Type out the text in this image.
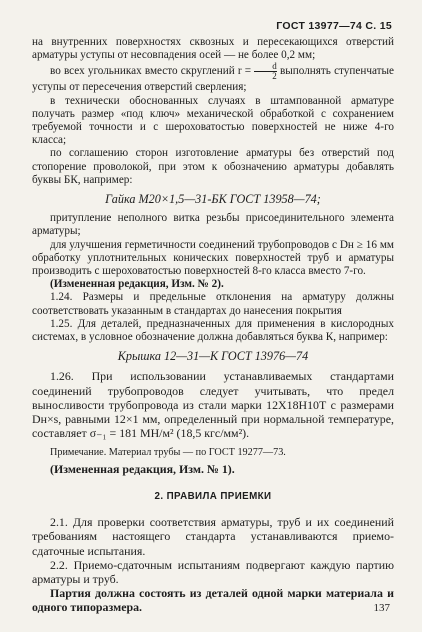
ГОСТ 13977—74 С. 15

на внутренних поверхностях сквозных и пересекающихся отверстий арматуры уступы от несовпадения осей — не более 0,2 мм;

во всех угольниках вместо скруглений $r = \frac{d}{2}$ выполнять ступенчатые уступы от пересечения отверстий сверления;

в технически обоснованных случаях в штампованной арматуре получать размер «под ключ» механической обработкой с сохранением требуемой точности и с шероховатостью поверхностей не ниже 4-го класса;

по соглашению сторон изготовление арматуры без отверстий под стопорение проволокой, при этом к обозначению арматуры добавлять буквы БК, например:

Гайка М20×1,5—31-БК ГОСТ 13958—74;

притупление неполного витка резьбы присоединительного элемента арматуры;

для улучшения герметичности соединений трубопроводов с Dн ≥ 16 мм обработку уплотнительных конических поверхностей труб и арматуры производить с шероховатостью поверхностей 8-го класса вместо 7-го.

(Измененная редакция, Изм. № 2).

1.24. Размеры и предельные отклонения на арматуру должны соответствовать указанным в стандартах до нанесения покрытия

1.25. Для деталей, предназначенных для применения в кислородных системах, в условное обозначение должна добавляться буква К, например:

Крышка 12—31—К ГОСТ 13976—74

1.26. При использовании устанавливаемых стандартами соединений трубопроводов следует учитывать, что предел выносливости трубопровода из стали марки 12Х18Н10Т с размерами Dн×s, равными 12×1 мм, определенный при нормальной температуре, составляет σ₋₁ = 181 МН/м² (18,5 кгс/мм²).

Примечание. Материал трубы — по ГОСТ 19277—73.

(Измененная редакция, Изм. № 1).

2. ПРАВИЛА ПРИЕМКИ

2.1. Для проверки соответствия арматуры, труб и их соединений требованиям настоящего стандарта устанавливаются приемо-сдаточные испытания.

2.2. Приемо-сдаточным испытаниям подвергают каждую партию арматуры и труб.

Партия должна состоять из деталей одной марки материала и одного типоразмера.	137
